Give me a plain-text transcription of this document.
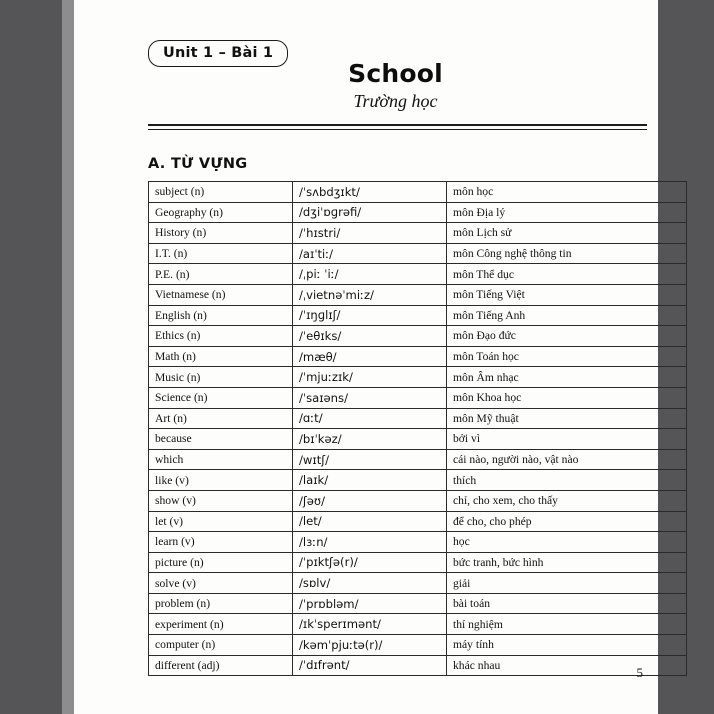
Unit 1 – Bài 1
School
Trường học
A. TỪ VỰNG
subject (n)	/ˈsʌbdʒɪkt/	môn học
Geography (n)	/dʒiˈɒɡrəfi/	môn Địa lý
History (n)	/ˈhɪstri/	môn Lịch sử
I.T. (n)	/aɪˈtiː/	môn Công nghệ thông tin
P.E. (n)	/ˌpiː ˈiː/	môn Thể dục
Vietnamese (n)	/ˌvietnəˈmiːz/	môn Tiếng Việt
English (n)	/ˈɪŋɡlɪʃ/	môn Tiếng Anh
Ethics (n)	/ˈeθɪks/	môn Đạo đức
Math (n)	/mæθ/	môn Toán học
Music (n)	/ˈmjuːzɪk/	môn Âm nhạc
Science (n)	/ˈsaɪəns/	môn Khoa học
Art (n)	/ɑːt/	môn Mỹ thuật
because	/bɪˈkəz/	bởi vì
which	/wɪtʃ/	cái nào, người nào, vật nào
like (v)	/laɪk/	thích
show (v)	/ʃəʊ/	chỉ, cho xem, cho thấy
let (v)	/let/	để cho, cho phép
learn (v)	/lɜːn/	học
picture (n)	/ˈpɪktʃə(r)/	bức tranh, bức hình
solve (v)	/sɒlv/	giải
problem (n)	/ˈprɒbləm/	bài toán
experiment (n)	/ɪkˈsperɪmənt/	thí nghiệm
computer (n)	/kəmˈpjuːtə(r)/	máy tính
different (adj)	/ˈdɪfrənt/	khác nhau	5
